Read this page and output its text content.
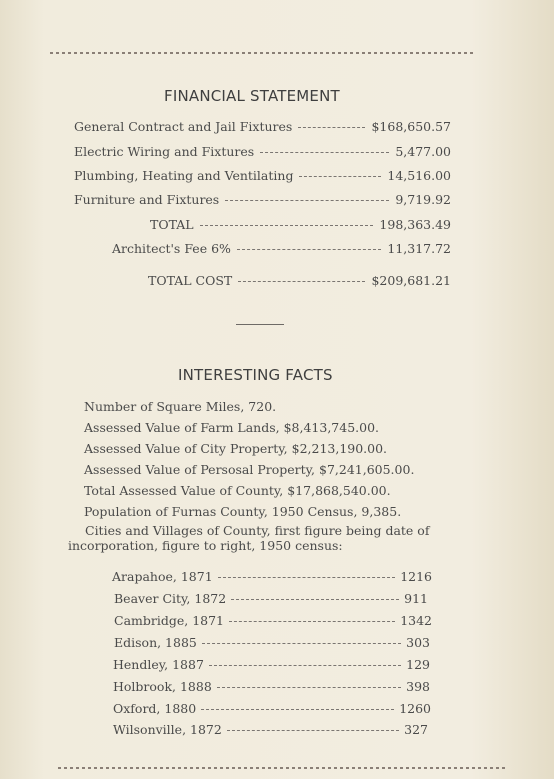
FINANCIAL STATEMENT
General Contract and Jail Fixtures	$168,650.57
Electric Wiring and Fixtures	5,477.00
Plumbing, Heating and Ventilating	14,516.00
Furniture and Fixtures	9,719.92
TOTAL	198,363.49
Architect's Fee 6%	11,317.72
TOTAL COST	$209,681.21
INTERESTING FACTS
Number of Square Miles, 720.
Assessed Value of Farm Lands, $8,413,745.00.
Assessed Value of City Property, $2,213,190.00.
Assessed Value of Persosal Property, $7,241,605.00.
Total Assessed Value of County, $17,868,540.00.
Population of Furnas County, 1950 Census, 9,385.
Cities and Villages of County, first figure being date of incorporation, figure to right, 1950 census:
Arapahoe, 1871	1216
Beaver City, 1872	911
Cambridge, 1871	1342
Edison, 1885	303
Hendley, 1887	129
Holbrook, 1888	398
Oxford, 1880	1260
Wilsonville, 1872	327
